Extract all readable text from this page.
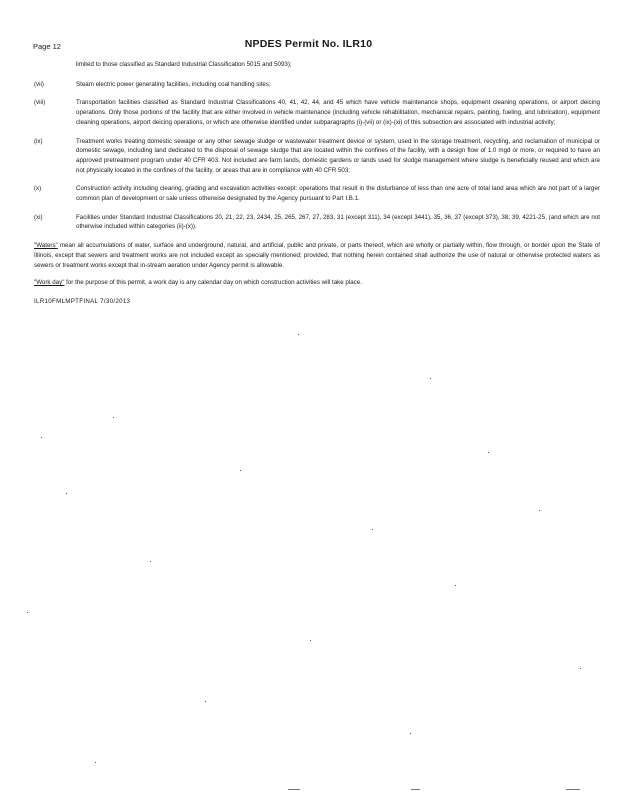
Page 12	NPDES Permit No. ILR10
limited to those classified as Standard Industrial Classification 5015 and 5093);
(vii)	Steam electric power generating facilities, including coal handling sites;
(viii)	Transportation facilities classified as Standard Industrial Classifications 40, 41, 42, 44, and 45 which have vehicle maintenance shops, equipment cleaning operations, or airport deicing operations. Only those portions of the facility that are either involved in vehicle maintenance (including vehicle rehabilitation, mechanical repairs, painting, fueling, and lubrication), equipment cleaning operations, airport deicing operations, or which are otherwise identified under subparagraphs (i)-(vii) or (ix)-(xi) of this subsection are associated with industrial activity;
(ix)	Treatment works treating domestic sewage or any other sewage sludge or wastewater treatment device or system, used in the storage treatment, recycling, and reclamation of municipal or domestic sewage, including land dedicated to the disposal of sewage sludge that are located within the confines of the facility, with a design flow of 1.0 mgd or more, or required to have an approved pretreatment program under 40 CFR 403. Not included are farm lands, domestic gardens or lands used for sludge management where sludge is beneficially reused and which are not physically located in the confines of the facility, or areas that are in compliance with 40 CFR 503;
(x)	Construction activity including clearing, grading and excavation activities except: operations that result in the disturbance of less than one acre of total land area which are not part of a larger common plan of development or sale unless otherwise designated by the Agency pursuant to Part I.B.1.
(xi)	Facilities under Standard Industrial Classifications 20, 21, 22, 23, 2434, 25, 265, 267, 27, 283, 31 (except 311), 34 (except 3441), 35, 36, 37 (except 373), 38, 39, 4221-25, (and which are not otherwise included within categories (ii)-(x)).
"Waters" mean all accumulations of water, surface and underground, natural, and artificial, public and private, or parts thereof, which are wholly or partially within, flow through, or border upon the State of Illinois, except that sewers and treatment works are not included except as specially mentioned; provided, that nothing herein contained shall authorize the use of natural or otherwise protected waters as sewers or treatment works except that in-stream aeration under Agency permit is allowable.
"Work day" for the purpose of this permit, a work day is any calendar day on which construction activities will take place.
ILR10FMLMPTFINAL 7/30/2013
